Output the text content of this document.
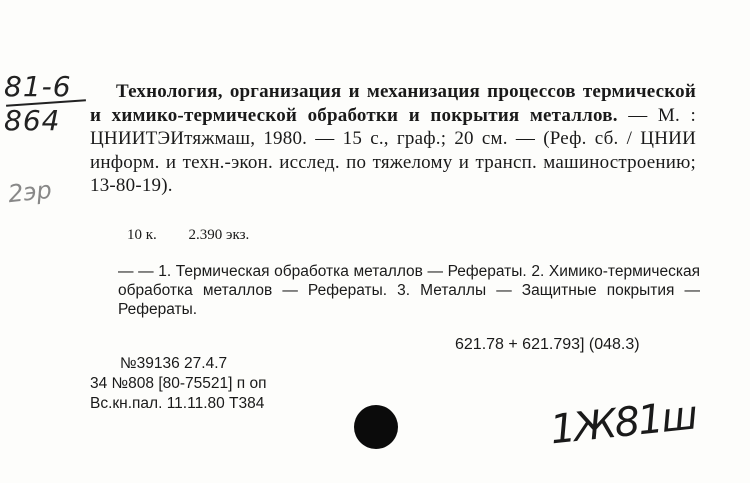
81-6
864
2эр
Технология, организация и механизация процессов термической и химико-термической обработки и покрытия металлов. — М. : ЦНИИТЭИтяжмаш, 1980. — 15 с., граф.; 20 см. — (Реф. сб. / ЦНИИ информ. и техн.-экон. исслед. по тяжелому и трансп. машиностроению; 13-80-19).
10 к. 2.390 экз.
— — 1. Термическая обработка металлов — Рефераты. 2. Химико-термическая обработка металлов — Рефераты. 3. Металлы — Защитные покрытия — Рефераты.
621.78 + 621.793] (048.3)
№39136 27.4.7
34 №808 [80-75521] п оп
Вс.кн.пал. 11.11.80 Т384	1Ж81ш
